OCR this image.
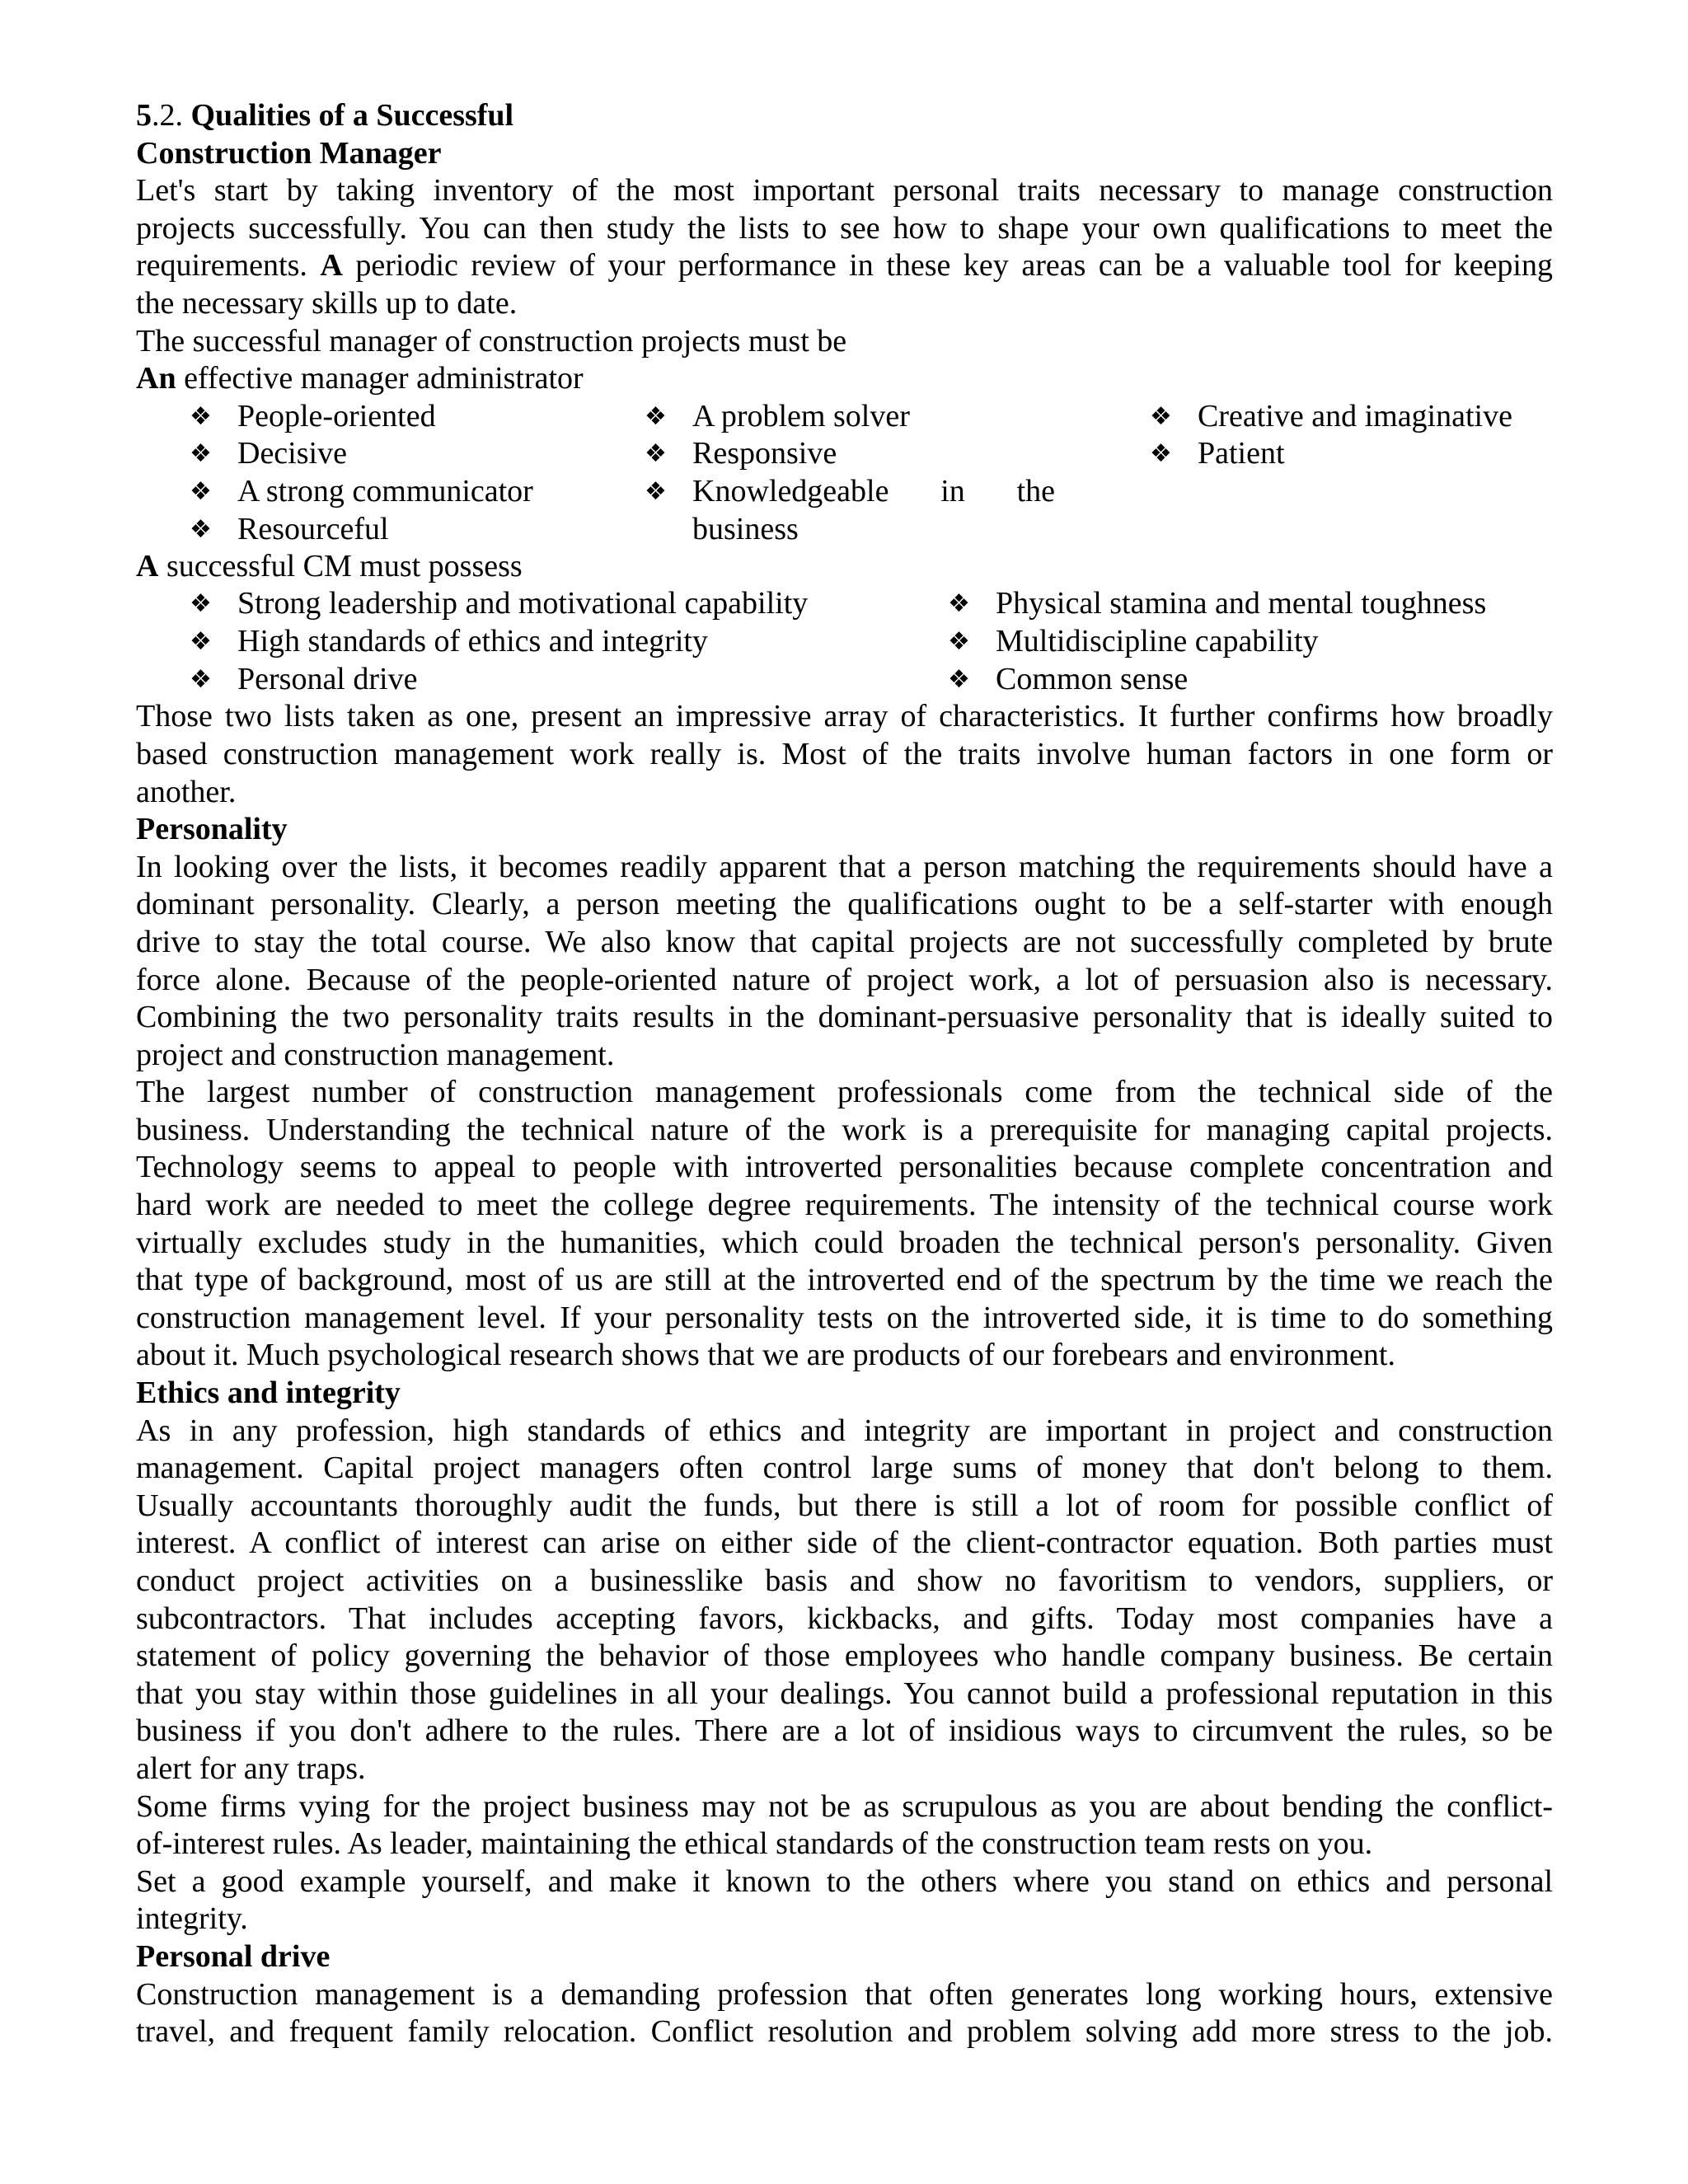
5.2. Qualities of a Successful

Construction Manager

Let's start by taking inventory of the most important personal traits necessary to manage construction

projects successfully. You can then study the lists to see how to shape your own qualifications to meet the

requirements. A periodic review of your performance in these key areas can be a valuable tool for keeping

the necessary skills up to date.

The successful manager of construction projects must be

An effective manager administrator

❖ People-oriented
❖ Decisive
❖ A strong communicator
❖ Resourceful
❖ A problem solver
❖ Responsive
❖ Knowledgeable in the
business
❖ Creative and imaginative
❖ Patient

A successful CM must possess

❖ Strong leadership and motivational capability
❖ High standards of ethics and integrity
❖ Personal drive
❖ Physical stamina and mental toughness
❖ Multidiscipline capability
❖ Common sense

Those two lists taken as one, present an impressive array of characteristics. It further confirms how broadly

based construction management work really is. Most of the traits involve human factors in one form or

another.

Personality

In looking over the lists, it becomes readily apparent that a person matching the requirements should have a

dominant personality. Clearly, a person meeting the qualifications ought to be a self-starter with enough

drive to stay the total course. We also know that capital projects are not successfully completed by brute

force alone. Because of the people-oriented nature of project work, a lot of persuasion also is necessary.

Combining the two personality traits results in the dominant-persuasive personality that is ideally suited to

project and construction management.

The largest number of construction management professionals come from the technical side of the

business. Understanding the technical nature of the work is a prerequisite for managing capital projects.

Technology seems to appeal to people with introverted personalities because complete concentration and

hard work are needed to meet the college degree requirements. The intensity of the technical course work

virtually excludes study in the humanities, which could broaden the technical person's personality. Given

that type of background, most of us are still at the introverted end of the spectrum by the time we reach the

construction management level. If your personality tests on the introverted side, it is time to do something

about it. Much psychological research shows that we are products of our forebears and environment.

Ethics and integrity

As in any profession, high standards of ethics and integrity are important in project and construction

management. Capital project managers often control large sums of money that don't belong to them.

Usually accountants thoroughly audit the funds, but there is still a lot of room for possible conflict of

interest. A conflict of interest can arise on either side of the client-contractor equation. Both parties must

conduct project activities on a businesslike basis and show no favoritism to vendors, suppliers, or

subcontractors. That includes accepting favors, kickbacks, and gifts. Today most companies have a

statement of policy governing the behavior of those employees who handle company business. Be certain

that you stay within those guidelines in all your dealings. You cannot build a professional reputation in this

business if you don't adhere to the rules. There are a lot of insidious ways to circumvent the rules, so be

alert for any traps.

Some firms vying for the project business may not be as scrupulous as you are about bending the conflict-

of-interest rules. As leader, maintaining the ethical standards of the construction team rests on you.

Set a good example yourself, and make it known to the others where you stand on ethics and personal

integrity.

Personal drive

Construction management is a demanding profession that often generates long working hours, extensive

travel, and frequent family relocation. Conflict resolution and problem solving add more stress to the job.
